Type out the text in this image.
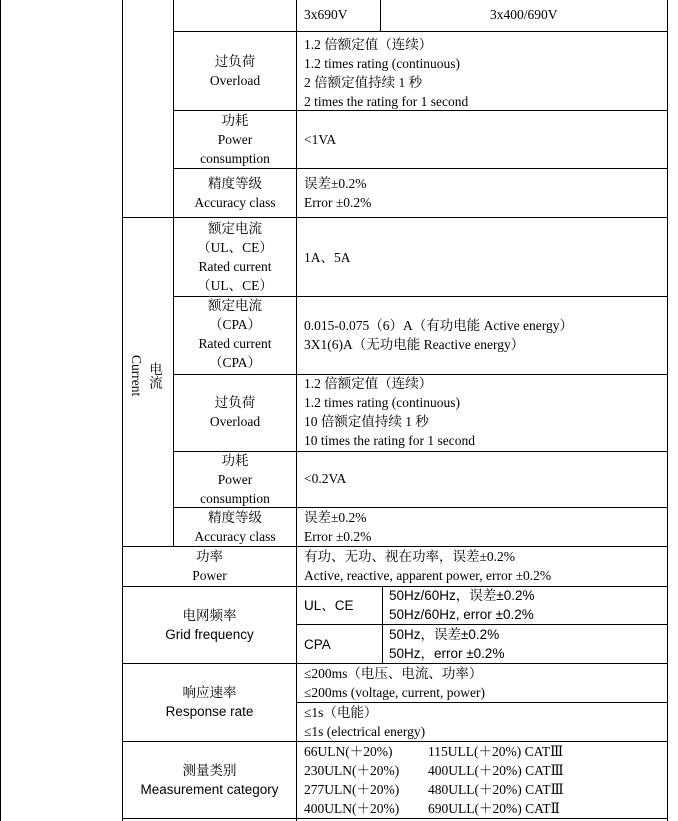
3x690V	3x400/690V
过负荷
Overload
1.2 倍额定值（连续）
1.2 times rating (continuous)
2 倍额定值持续 1 秒
2 times the rating for 1 second
功耗
Power
consumption
<1VA
精度等级
Accuracy class
误差±0.2%
Error ±0.2%
Current 电流
额定电流
（UL、CE）
Rated current
（UL、CE）
1A、5A
额定电流
（CPA）
Rated current
（CPA）
0.015-0.075（6）A（有功电能 Active energy）
3X1(6)A（无功电能 Reactive energy）
过负荷
Overload
1.2 倍额定值（连续）
1.2 times rating (continuous)
10 倍额定值持续 1 秒
10 times the rating for 1 second
功耗
Power
consumption
<0.2VA
精度等级
Accuracy class
误差±0.2%
Error ±0.2%
功率
Power
有功、无功、视在功率，误差±0.2%
Active, reactive, apparent power, error ±0.2%
电网频率
Grid frequency
UL、CE
50Hz/60Hz，误差±0.2%
50Hz/60Hz, error ±0.2%
CPA
50Hz，误差±0.2%
50Hz，error ±0.2%
响应速率
Response rate
≤200ms（电压、电流、功率）
≤200ms (voltage, current, power)
≤1s（电能）
≤1s (electrical energy)
测量类别
Measurement category
66ULN(＋20%)	115ULL(＋20%) CATⅢ
230ULN(＋20%) 400ULL(＋20%) CATⅢ
277ULN(＋20%) 480ULL(＋20%) CATⅢ
400ULN(＋20%) 690ULL(＋20%) CATⅡ
